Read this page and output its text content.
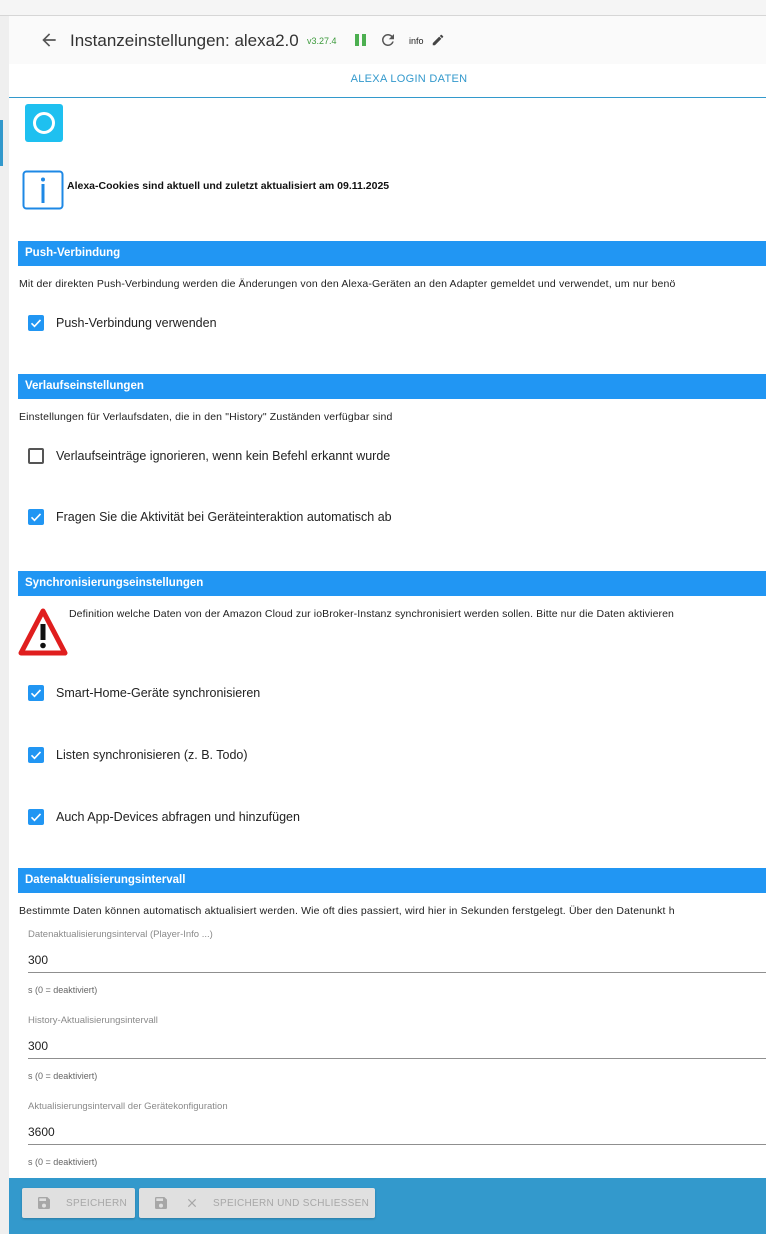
Instanzeinstellungen: alexa2.0 v3.27.4	info
ALEXA LOGIN DATEN
Alexa-Cookies sind aktuell und zuletzt aktualisiert am 09.11.2025
Push-Verbindung
Mit der direkten Push-Verbindung werden die Änderungen von den Alexa-Geräten an den Adapter gemeldet und verwendet, um nur benö
Push-Verbindung verwenden
Verlaufseinstellungen
Einstellungen für Verlaufsdaten, die in den "History" Zuständen verfügbar sind
Verlaufseinträge ignorieren, wenn kein Befehl erkannt wurde
Fragen Sie die Aktivität bei Geräteinteraktion automatisch ab
Synchronisierungseinstellungen
Definition welche Daten von der Amazon Cloud zur ioBroker-Instanz synchronisiert werden sollen. Bitte nur die Daten aktivieren
Smart-Home-Geräte synchronisieren
Listen synchronisieren (z. B. Todo)
Auch App-Devices abfragen und hinzufügen
Datenaktualisierungsintervall
Bestimmte Daten können automatisch aktualisiert werden. Wie oft dies passiert, wird hier in Sekunden ferstgelegt. Über den Datenunkt h
Datenaktualisierungsinterval (Player-Info ...)
300
s (0 = deaktiviert)
History-Aktualisierungsintervall
300
s (0 = deaktiviert)
Aktualisierungsintervall der Gerätekonfiguration
3600
s (0 = deaktiviert)
SPEICHERN	SPEICHERN UND SCHLIESSEN
